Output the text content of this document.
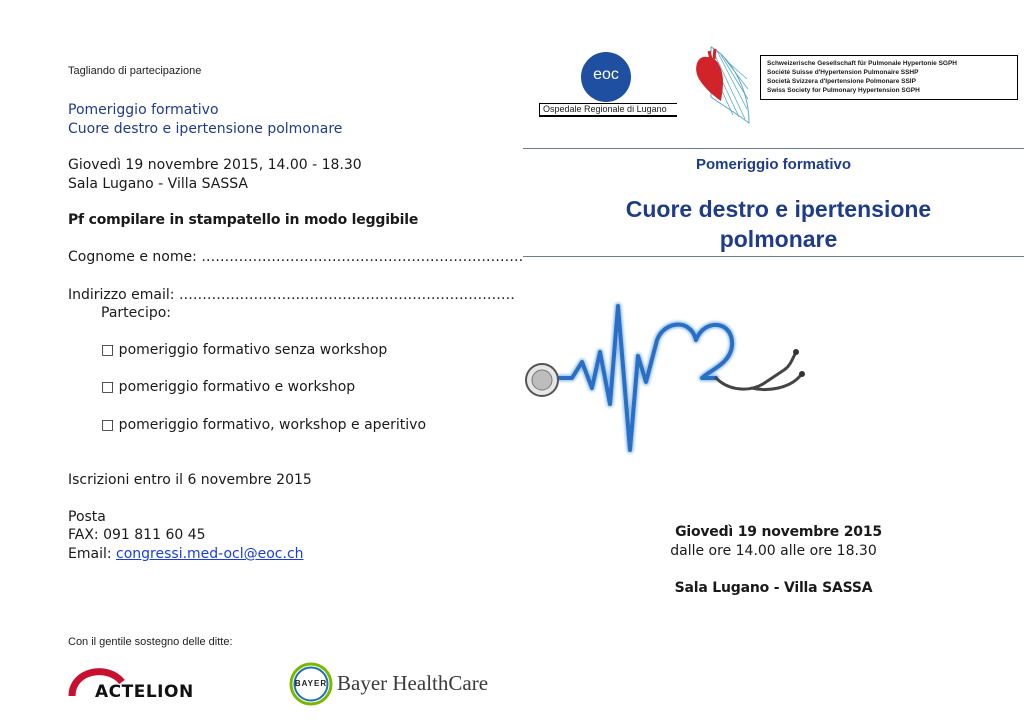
Tagliando di partecipazione
Pomeriggio formativo
Cuore destro e ipertensione polmonare
Giovedì 19 novembre 2015, 14.00 - 18.30
Sala Lugano - Villa SASSA
Pf compilare in stampatello in modo leggibile
Cognome e nome: ……………………………………………………………
Indirizzo email: ………………………………………………………………
Partecipo:
□ pomeriggio formativo senza workshop
□ pomeriggio formativo e workshop
□ pomeriggio formativo, workshop e aperitivo
Iscrizioni entro il 6 novembre 2015
Posta
FAX: 091 811 60 45
Email: congressi.med-ocl@eoc.ch
Con il gentile sostegno delle ditte:
ACTELION	BAYER Bayer HealthCare
eoc
Ospedale Regionale di Lugano
Schweizerische Gesellschaft für Pulmonale Hypertonie SGPH
Société Suisse d'Hypertension Pulmonaire SSHP
Società Svizzera d'Ipertensione Polmonare SSIP
Swiss Society for Pulmonary Hypertension SGPH
Pomeriggio formativo
Cuore destro e ipertensione
polmonare
Giovedì 19 novembre 2015
dalle ore 14.00 alle ore 18.30
Sala Lugano - Villa SASSA
